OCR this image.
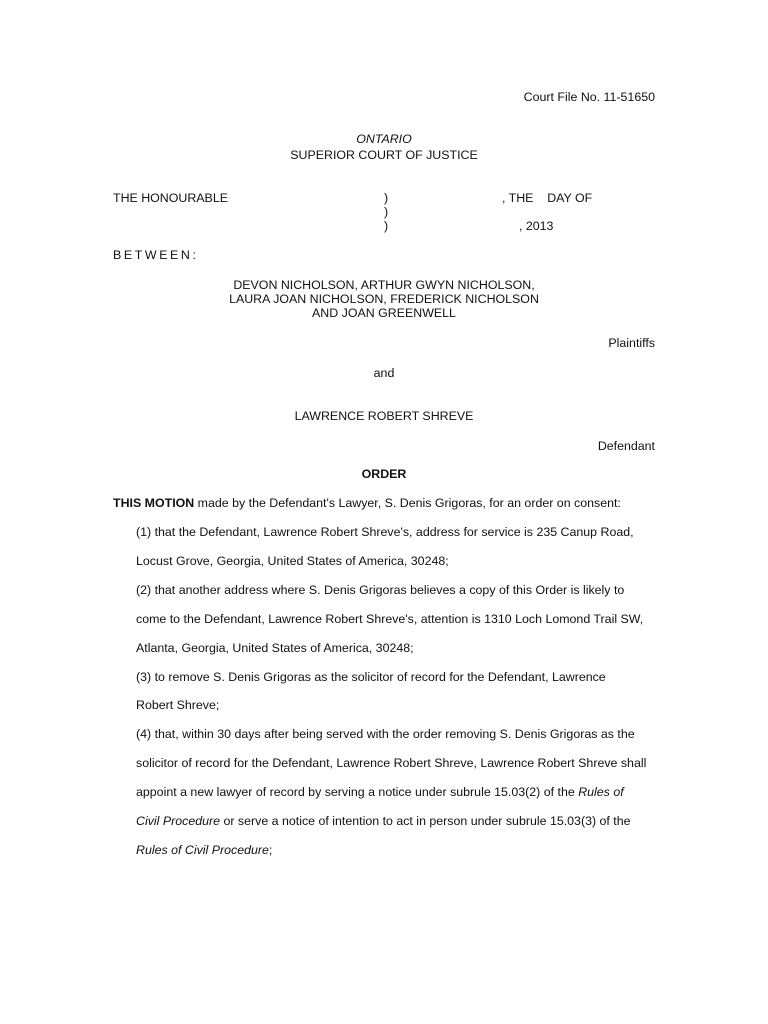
Court File No. 11-51650
ONTARIO
SUPERIOR COURT OF JUSTICE
THE HONOURABLE	)
)
)
, THE    DAY OF
, 2013
BETWEEN:
DEVON NICHOLSON, ARTHUR GWYN NICHOLSON,
LAURA JOAN NICHOLSON, FREDERICK NICHOLSON
AND JOAN GREENWELL
Plaintiffs
and
LAWRENCE ROBERT SHREVE
Defendant
ORDER
THIS MOTION made by the Defendant's Lawyer, S. Denis Grigoras, for an order on consent:
(1) that the Defendant, Lawrence Robert Shreve's, address for service is 235 Canup Road,
Locust Grove, Georgia, United States of America, 30248;
(2) that another address where S. Denis Grigoras believes a copy of this Order is likely to
come to the Defendant, Lawrence Robert Shreve's, attention is 1310 Loch Lomond Trail SW,
Atlanta, Georgia, United States of America, 30248;
(3) to remove S. Denis Grigoras as the solicitor of record for the Defendant, Lawrence
Robert Shreve;
(4) that, within 30 days after being served with the order removing S. Denis Grigoras as the
solicitor of record for the Defendant, Lawrence Robert Shreve, Lawrence Robert Shreve shall
appoint a new lawyer of record by serving a notice under subrule 15.03(2) of the Rules of
Civil Procedure or serve a notice of intention to act in person under subrule 15.03(3) of the
Rules of Civil Procedure;
